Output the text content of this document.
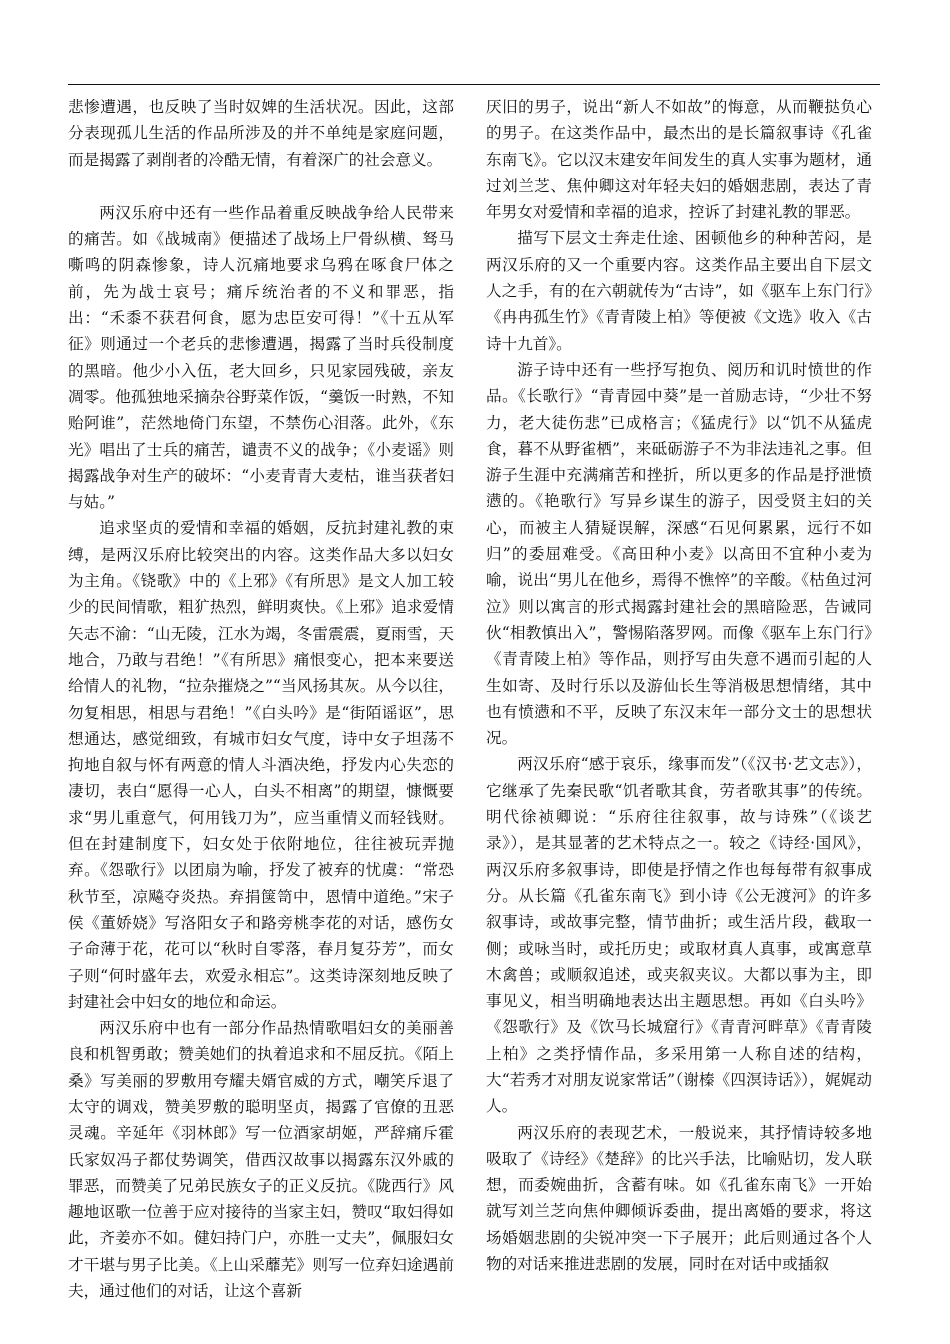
悲惨遭遇，也反映了当时奴婢的生活状况。因此，这部分表现孤儿生活的作品所涉及的并不单纯是家庭问题，而是揭露了剥削者的冷酷无情，有着深广的社会意义。

两汉乐府中还有一些作品着重反映战争给人民带来的痛苦。如《战城南》便描述了战场上尸骨纵横、驽马嘶鸣的阴森惨象，诗人沉痛地要求乌鸦在啄食尸体之前，先为战士哀号；痛斥统治者的不义和罪恶，指出：“禾黍不获君何食，愿为忠臣安可得！”《十五从军征》则通过一个老兵的悲惨遭遇，揭露了当时兵役制度的黑暗。他少小入伍，老大回乡，只见家园残破，亲友凋零。他孤独地采摘杂谷野菜作饭，“羹饭一时熟，不知贻阿谁”，茫然地倚门东望，不禁伤心泪落。此外，《东光》唱出了士兵的痛苦，谴责不义的战争；《小麦谣》则揭露战争对生产的破坏：“小麦青青大麦枯，谁当获者妇与姑。”

追求坚贞的爱情和幸福的婚姻，反抗封建礼教的束缚，是两汉乐府比较突出的内容。这类作品大多以妇女为主角。《铙歌》中的《上邪》《有所思》是文人加工较少的民间情歌，粗犷热烈，鲜明爽快。《上邪》追求爱情矢志不渝：“山无陵，江水为竭，冬雷震震，夏雨雪，天地合，乃敢与君绝！”《有所思》痛恨变心，把本来要送给情人的礼物，“拉杂摧烧之”“当风扬其灰。从今以往，勿复相思，相思与君绝！”《白头吟》是“街陌谣讴”，思想通达，感觉细致，有城市妇女气度，诗中女子坦荡不拘地自叙与怀有两意的情人斗酒决绝，抒发内心失恋的凄切，表白“愿得一心人，白头不相离”的期望，慷慨要求“男儿重意气，何用钱刀为”，应当重情义而轻钱财。但在封建制度下，妇女处于依附地位，往往被玩弄抛弃。《怨歌行》以团扇为喻，抒发了被弃的忧虞：“常恐秋节至，凉飚夺炎热。弃捐箧笥中，恩情中道绝。”宋子侯《董娇娆》写洛阳女子和路旁桃李花的对话，感伤女子命薄于花，花可以“秋时自零落，春月复芬芳”，而女子则“何时盛年去，欢爱永相忘”。这类诗深刻地反映了封建社会中妇女的地位和命运。

两汉乐府中也有一部分作品热情歌唱妇女的美丽善良和机智勇敢；赞美她们的执着追求和不屈反抗。《陌上桑》写美丽的罗敷用夸耀夫婿官威的方式，嘲笑斥退了太守的调戏，赞美罗敷的聪明坚贞，揭露了官僚的丑恶灵魂。辛延年《羽林郎》写一位酒家胡姬，严辞痛斥霍氏家奴冯子都仗势调笑，借西汉故事以揭露东汉外戚的罪恶，而赞美了兄弟民族女子的正义反抗。《陇西行》风趣地讴歌一位善于应对接待的当家主妇，赞叹“取妇得如此，齐姜亦不如。健妇持门户，亦胜一丈夫”，佩服妇女才干堪与男子比美。《上山采蘼芜》则写一位弃妇途遇前夫，通过他们的对话，让这个喜新

厌旧的男子，说出“新人不如故”的悔意，从而鞭挞负心的男子。在这类作品中，最杰出的是长篇叙事诗《孔雀东南飞》。它以汉末建安年间发生的真人实事为题材，通过刘兰芝、焦仲卿这对年轻夫妇的婚姻悲剧，表达了青年男女对爱情和幸福的追求，控诉了封建礼教的罪恶。

描写下层文士奔走仕途、困顿他乡的种种苦闷，是两汉乐府的又一个重要内容。这类作品主要出自下层文人之手，有的在六朝就传为“古诗”，如《驱车上东门行》《冉冉孤生竹》《青青陵上柏》等便被《文选》收入《古诗十九首》。

游子诗中还有一些抒写抱负、阅历和讥时愤世的作品。《长歌行》“青青园中葵”是一首励志诗，“少壮不努力，老大徒伤悲”已成格言；《猛虎行》以“饥不从猛虎食，暮不从野雀栖”，来砥砺游子不为非法违礼之事。但游子生涯中充满痛苦和挫折，所以更多的作品是抒泄愤懑的。《艳歌行》写异乡谋生的游子，因受贤主妇的关心，而被主人猜疑误解，深感“石见何累累，远行不如归”的委屈难受。《高田种小麦》以高田不宜种小麦为喻，说出“男儿在他乡，焉得不憔悴”的辛酸。《枯鱼过河泣》则以寓言的形式揭露封建社会的黑暗险恶，告诫同伙“相教慎出入”，警惕陷落罗网。而像《驱车上东门行》《青青陵上柏》等作品，则抒写由失意不遇而引起的人生如寄、及时行乐以及游仙长生等消极思想情绪，其中也有愤懑和不平，反映了东汉末年一部分文士的思想状况。

两汉乐府“感于哀乐，缘事而发”（《汉书·艺文志》），它继承了先秦民歌“饥者歌其食，劳者歌其事”的传统。明代徐祯卿说：“乐府往往叙事，故与诗殊”（《谈艺录》），是其显著的艺术特点之一。较之《诗经·国风》，两汉乐府多叙事诗，即使是抒情之作也每每带有叙事成分。从长篇《孔雀东南飞》到小诗《公无渡河》的许多叙事诗，或故事完整，情节曲折；或生活片段，截取一侧；或咏当时，或托历史；或取材真人真事，或寓意草木禽兽；或顺叙追述，或夹叙夹议。大都以事为主，即事见义，相当明确地表达出主题思想。再如《白头吟》《怨歌行》及《饮马长城窟行》《青青河畔草》《青青陵上柏》之类抒情作品，多采用第一人称自述的结构，大“若秀才对朋友说家常话”（谢榛《四溟诗话》），娓娓动人。

两汉乐府的表现艺术，一般说来，其抒情诗较多地吸取了《诗经》《楚辞》的比兴手法，比喻贴切，发人联想，而委婉曲折，含蓄有味。如《孔雀东南飞》一开始就写刘兰芝向焦仲卿倾诉委曲，提出离婚的要求，将这场婚姻悲剧的尖锐冲突一下子展开；此后则通过各个人物的对话来推进悲剧的发展，同时在对话中或插叙
